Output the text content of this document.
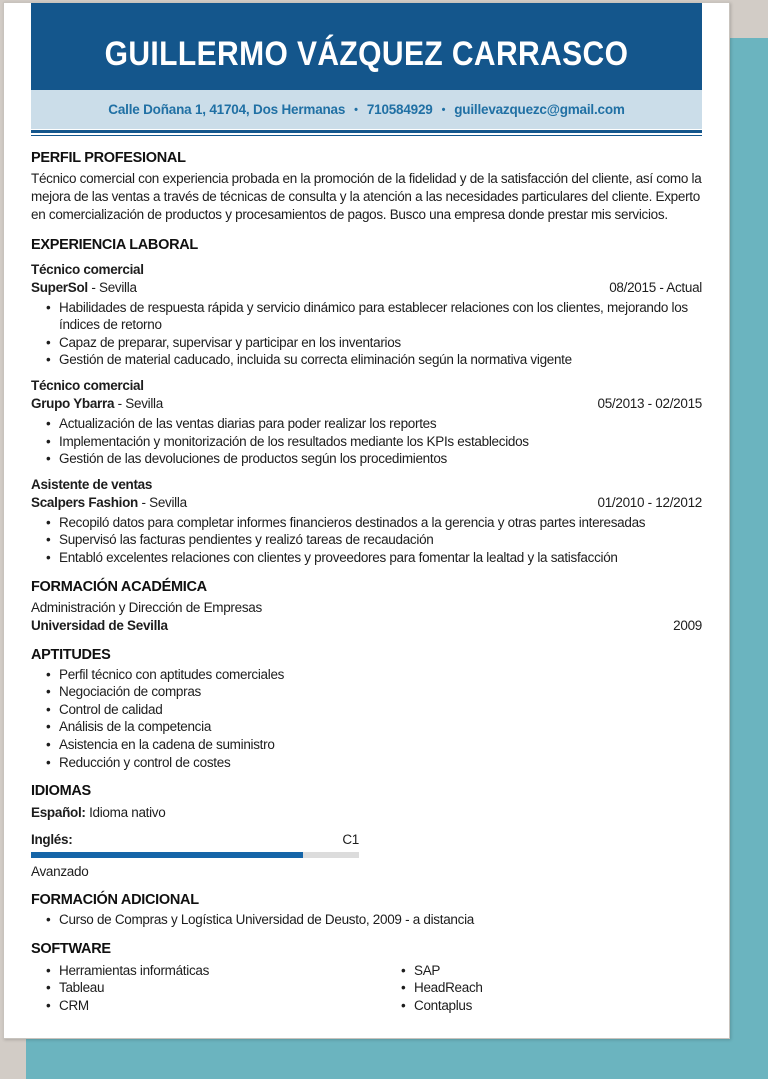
GUILLERMO VÁZQUEZ CARRASCO
Calle Doñana 1, 41704, Dos Hermanas • 710584929 • guillevazquezc@gmail.com
PERFIL PROFESIONAL

Técnico comercial con experiencia probada en la promoción de la fidelidad y de la satisfacción del cliente, así como la mejora de las ventas a través de técnicas de consulta y la atención a las necesidades particulares del cliente. Experto en comercialización de productos y procesamientos de pagos. Busco una empresa donde prestar mis servicios.

EXPERIENCIA LABORAL
Técnico comercial
SuperSol - Sevilla	08/2015 - Actual
• Habilidades de respuesta rápida y servicio dinámico para establecer relaciones con los clientes, mejorando los índices de retorno
• Capaz de preparar, supervisar y participar en los inventarios
• Gestión de material caducado, incluida su correcta eliminación según la normativa vigente
Técnico comercial
Grupo Ybarra - Sevilla	05/2013 - 02/2015
• Actualización de las ventas diarias para poder realizar los reportes
• Implementación y monitorización de los resultados mediante los KPIs establecidos
• Gestión de las devoluciones de productos según los procedimientos
Asistente de ventas
Scalpers Fashion - Sevilla	01/2010 - 12/2012
• Recopiló datos para completar informes financieros destinados a la gerencia y otras partes interesadas
• Supervisó las facturas pendientes y realizó tareas de recaudación
• Entabló excelentes relaciones con clientes y proveedores para fomentar la lealtad y la satisfacción
FORMACIÓN ACADÉMICA
Administración y Dirección de Empresas
Universidad de Sevilla	2009
APTITUDES
• Perfil técnico con aptitudes comerciales
• Negociación de compras
• Control de calidad
• Análisis de la competencia
• Asistencia en la cadena de suministro
• Reducción y control de costes
IDIOMAS
Español: Idioma nativo
Inglés:	C1
Avanzado
FORMACIÓN ADICIONAL
• Curso de Compras y Logística Universidad de Deusto, 2009 - a distancia
SOFTWARE
• Herramientas informáticas
• Tableau
• CRM
• SAP
• HeadReach
• Contaplus
